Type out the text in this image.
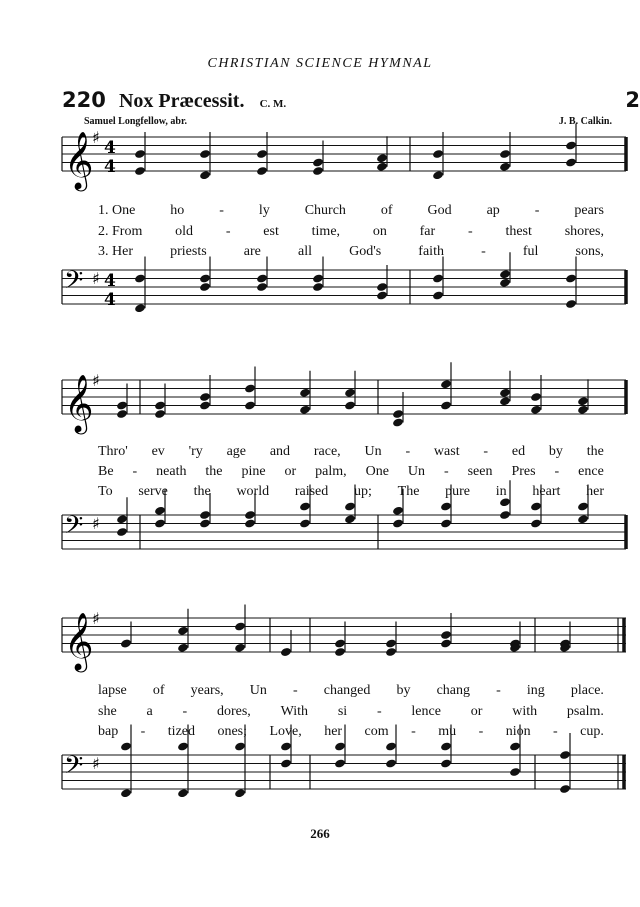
CHRISTIAN SCIENCE HYMNAL
220 Nox Præcessit. C. M.	2
Samuel Longfellow, abr.	J. B. Calkin.
𝄞
♯
4
4
𝄢 ♯ 4
4
𝄞
♯
𝄢 ♯
𝄞
♯
𝄢 ♯
1. One ho - ly Church of God ap - pears
2. From old - est time, on far - thest shores,
3. Her	priests	are	all	God's	faith	-	ful	sons,
Thro' ev 'ry age and race, Un - wast - ed by the
Be - neath the pine or palm, One Un - seen Pres - ence
To serve the world raised up; The pure in heart her
lapse of years, Un - changed by chang - ing place.
she a - dores, With si - lence or with psalm.
bap - tized ones; Love, her com - mu - nion - cup.
266
